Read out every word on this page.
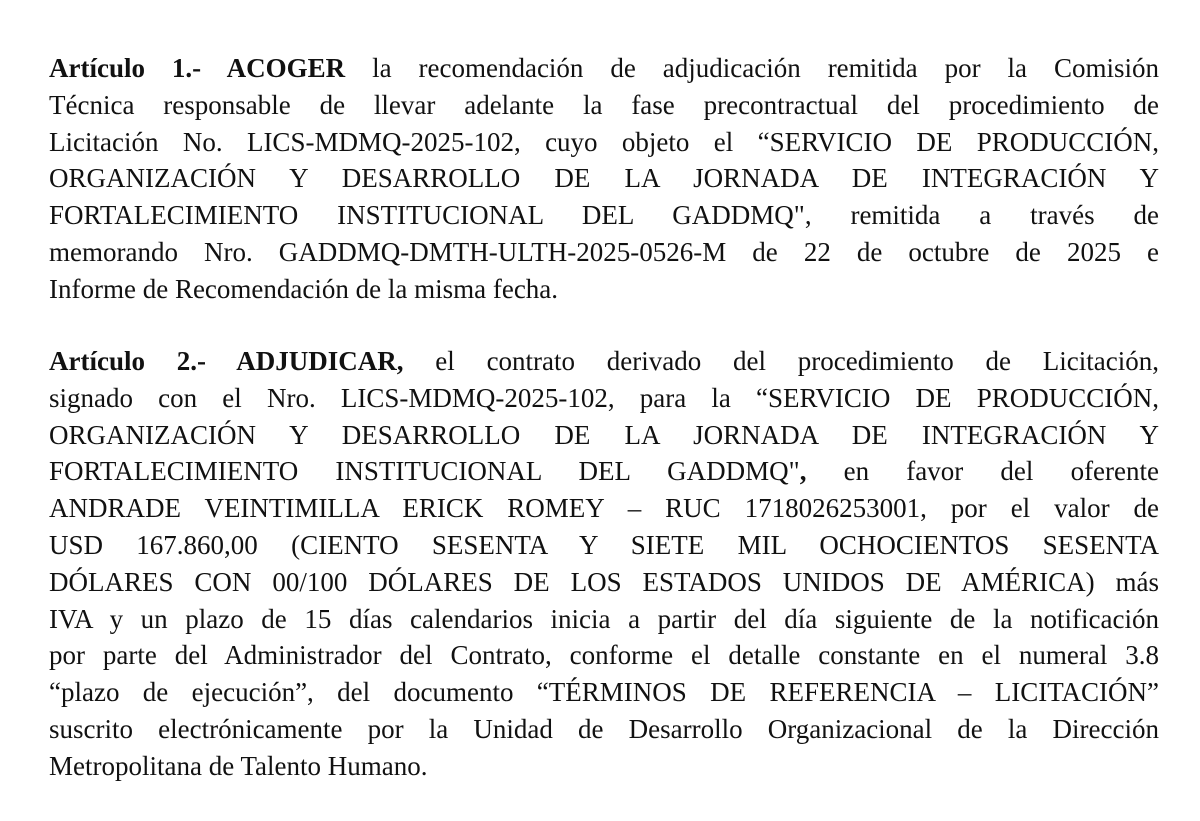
Artículo 1.- ACOGER la recomendación de adjudicación remitida por la Comisión
Técnica responsable de llevar adelante la fase precontractual del procedimiento de
Licitación No. LICS-MDMQ-2025-102, cuyo objeto el “SERVICIO DE PRODUCCIÓN,
ORGANIZACIÓN Y DESARROLLO DE LA JORNADA DE INTEGRACIÓN Y
FORTALECIMIENTO INSTITUCIONAL DEL GADDMQ", remitida a través de
memorando Nro. GADDMQ-DMTH-ULTH-2025-0526-M de 22 de octubre de 2025 e
Informe de Recomendación de la misma fecha.
Artículo 2.- ADJUDICAR, el contrato derivado del procedimiento de Licitación,
signado con el Nro. LICS-MDMQ-2025-102, para la “SERVICIO DE PRODUCCIÓN,
ORGANIZACIÓN Y DESARROLLO DE LA JORNADA DE INTEGRACIÓN Y
FORTALECIMIENTO INSTITUCIONAL DEL GADDMQ", en favor del oferente
ANDRADE VEINTIMILLA ERICK ROMEY – RUC 1718026253001, por el valor de
USD 167.860,00 (CIENTO SESENTA Y SIETE MIL OCHOCIENTOS SESENTA
DÓLARES CON 00/100 DÓLARES DE LOS ESTADOS UNIDOS DE AMÉRICA) más
IVA y un plazo de 15 días calendarios inicia a partir del día siguiente de la notificación
por parte del Administrador del Contrato, conforme el detalle constante en el numeral 3.8
“plazo de ejecución”, del documento “TÉRMINOS DE REFERENCIA – LICITACIÓN”
suscrito electrónicamente por la Unidad de Desarrollo Organizacional de la Dirección
Metropolitana de Talento Humano.
